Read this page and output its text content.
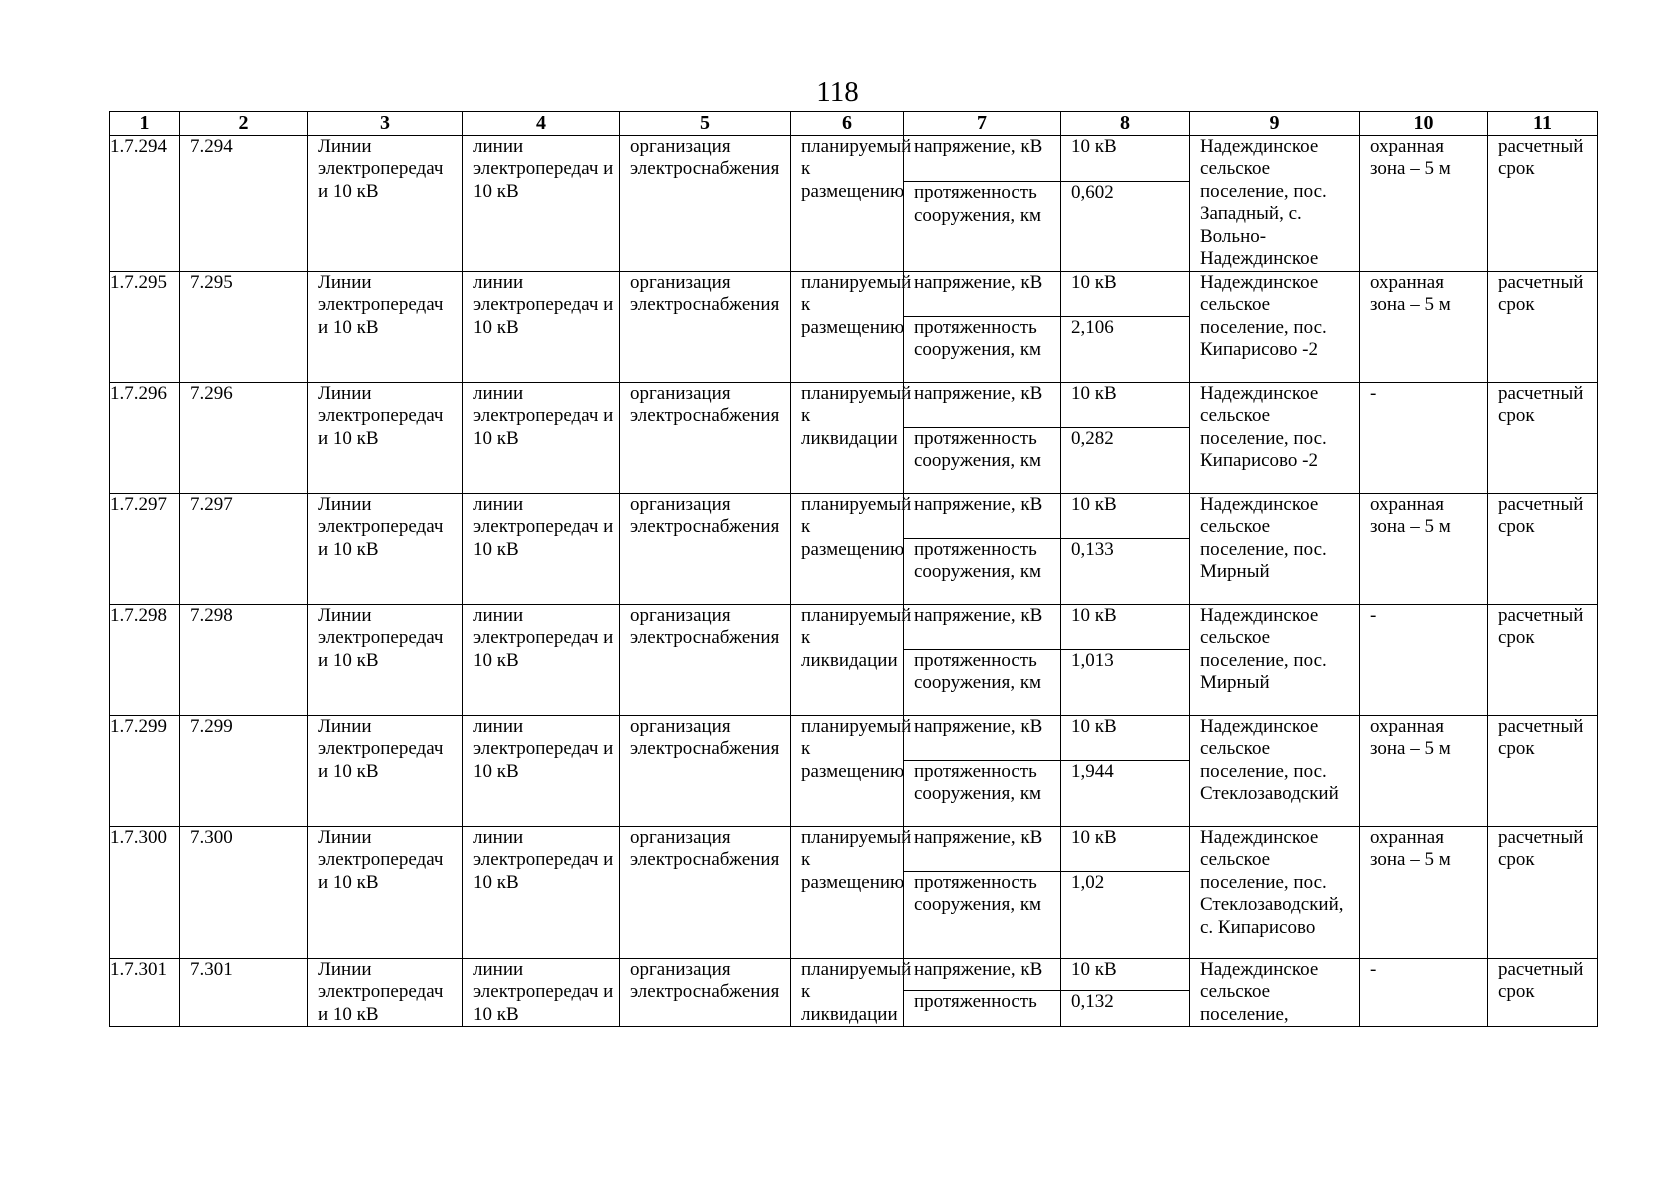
118
1	2	3	4	5	6	7	8	9	10	11
1.7.294	7.294	Линии электропередач и 10 кВ	линии электропередач и 10 кВ	организация электроснабжения	планируемый к размещению	напряжение, кВ	10 кВ	Надеждинское сельское поселение, пос. Западный, с. Вольно-Надеждинское	охранная зона – 5 м	расчетный срок
						протяженность сооружения, км	0,602			
1.7.295	7.295	Линии электропередач и 10 кВ	линии электропередач и 10 кВ	организация электроснабжения	планируемый к размещению	напряжение, кВ	10 кВ	Надеждинское сельское поселение, пос. Кипарисово -2	охранная зона – 5 м	расчетный срок
						протяженность сооружения, км	2,106			
1.7.296	7.296	Линии электропередач и 10 кВ	линии электропередач и 10 кВ	организация электроснабжения	планируемый к ликвидации	напряжение, кВ	10 кВ	Надеждинское сельское поселение, пос. Кипарисово -2	-	расчетный срок
						протяженность сооружения, км	0,282			
1.7.297	7.297	Линии электропередач и 10 кВ	линии электропередач и 10 кВ	организация электроснабжения	планируемый к размещению	напряжение, кВ	10 кВ	Надеждинское сельское поселение, пос. Мирный	охранная зона – 5 м	расчетный срок
						протяженность сооружения, км	0,133			
1.7.298	7.298	Линии электропередач и 10 кВ	линии электропередач и 10 кВ	организация электроснабжения	планируемый к ликвидации	напряжение, кВ	10 кВ	Надеждинское сельское поселение, пос. Мирный	-	расчетный срок
						протяженность сооружения, км	1,013			
1.7.299	7.299	Линии электропередач и 10 кВ	линии электропередач и 10 кВ	организация электроснабжения	планируемый к размещению	напряжение, кВ	10 кВ	Надеждинское сельское поселение, пос. Стеклозаводский	охранная зона – 5 м	расчетный срок
						протяженность сооружения, км	1,944			
1.7.300	7.300	Линии электропередач и 10 кВ	линии электропередач и 10 кВ	организация электроснабжения	планируемый к размещению	напряжение, кВ	10 кВ	Надеждинское сельское поселение, пос. Стеклозаводский, с. Кипарисово	охранная зона – 5 м	расчетный срок
						протяженность сооружения, км	1,02			
1.7.301	7.301	Линии электропередач и 10 кВ	линии электропередач и 10 кВ	организация электроснабжения	планируемый к ликвидации	напряжение, кВ	10 кВ	Надеждинское сельское поселение,	-	расчетный срок
						протяженность	0,132			
